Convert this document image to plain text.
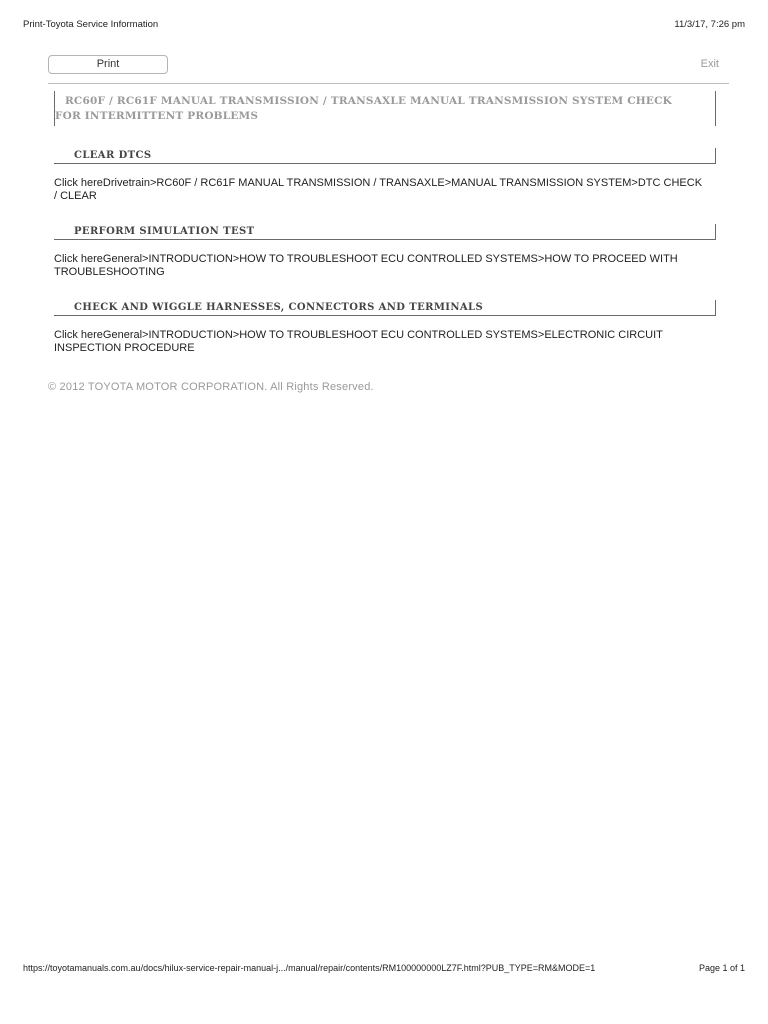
Print-Toyota Service Information	11/3/17, 7:26 pm
Print	Exit
RC60F / RC61F MANUAL TRANSMISSION / TRANSAXLE MANUAL TRANSMISSION SYSTEM CHECK
FOR INTERMITTENT PROBLEMS
CLEAR DTCS
Click hereDrivetrain>RC60F / RC61F MANUAL TRANSMISSION / TRANSAXLE>MANUAL TRANSMISSION SYSTEM>DTC CHECK / CLEAR
PERFORM SIMULATION TEST
Click hereGeneral>INTRODUCTION>HOW TO TROUBLESHOOT ECU CONTROLLED SYSTEMS>HOW TO PROCEED WITH TROUBLESHOOTING
CHECK AND WIGGLE HARNESSES, CONNECTORS AND TERMINALS
Click hereGeneral>INTRODUCTION>HOW TO TROUBLESHOOT ECU CONTROLLED SYSTEMS>ELECTRONIC CIRCUIT INSPECTION PROCEDURE
© 2012 TOYOTA MOTOR CORPORATION. All Rights Reserved.
https://toyotamanuals.com.au/docs/hilux-service-repair-manual-j.../manual/repair/contents/RM100000000LZ7F.html?PUB_TYPE=RM&MODE=1	Page 1 of 1
